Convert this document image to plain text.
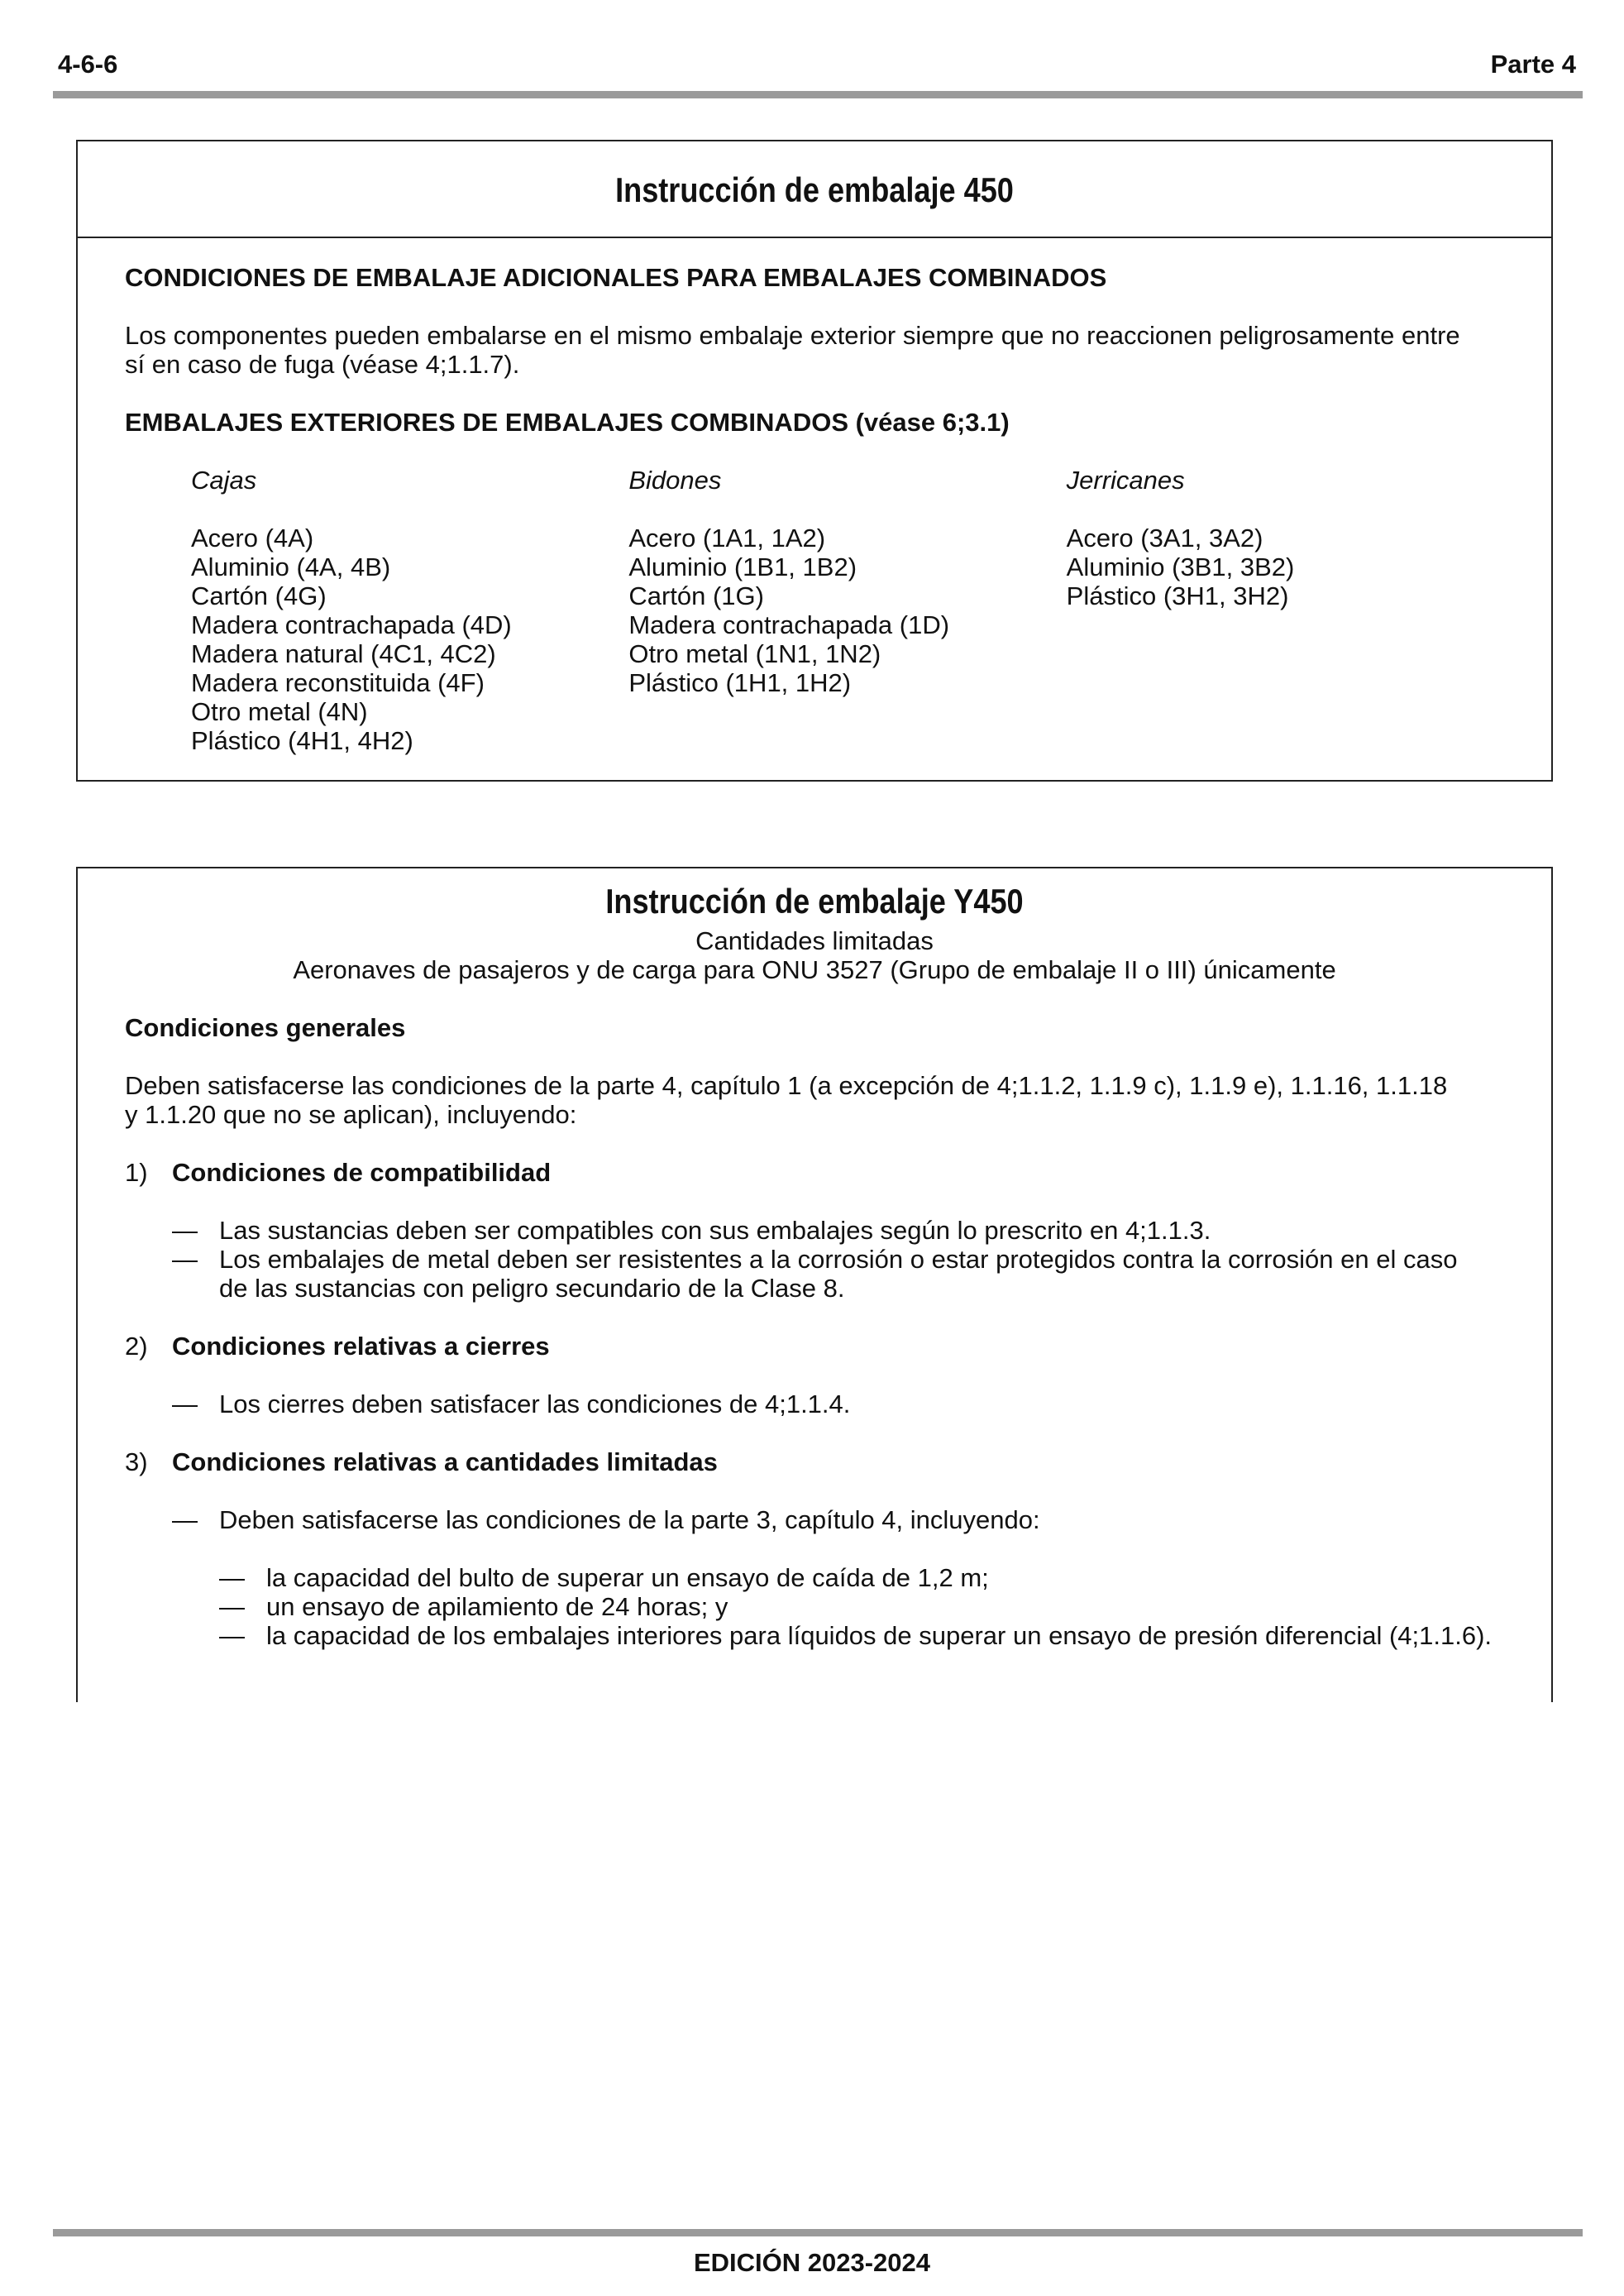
4-6-6	Parte 4
Instrucción de embalaje 450
CONDICIONES DE EMBALAJE ADICIONALES PARA EMBALAJES COMBINADOS
Los componentes pueden embalarse en el mismo embalaje exterior siempre que no reaccionen peligrosamente entre
sí en caso de fuga (véase 4;1.1.7).
EMBALAJES EXTERIORES DE EMBALAJES COMBINADOS (véase 6;3.1)
Cajas
Acero (4A)
Aluminio (4A, 4B)
Cartón (4G)
Madera contrachapada (4D)
Madera natural (4C1, 4C2)
Madera reconstituida (4F)
Otro metal (4N)
Plástico (4H1, 4H2)
Bidones
Acero (1A1, 1A2)
Aluminio (1B1, 1B2)
Cartón (1G)
Madera contrachapada (1D)
Otro metal (1N1, 1N2)
Plástico (1H1, 1H2)
Jerricanes
Acero (3A1, 3A2)
Aluminio (3B1, 3B2)
Plástico (3H1, 3H2)
Instrucción de embalaje Y450
Cantidades limitadas
Aeronaves de pasajeros y de carga para ONU 3527 (Grupo de embalaje II o III) únicamente
Condiciones generales
Deben satisfacerse las condiciones de la parte 4, capítulo 1 (a excepción de 4;1.1.2, 1.1.9 c), 1.1.9 e), 1.1.16, 1.1.18
y 1.1.20 que no se aplican), incluyendo:
1) Condiciones de compatibilidad
— Las sustancias deben ser compatibles con sus embalajes según lo prescrito en 4;1.1.3.
— Los embalajes de metal deben ser resistentes a la corrosión o estar protegidos contra la corrosión en el caso
de las sustancias con peligro secundario de la Clase 8.
2) Condiciones relativas a cierres
— Los cierres deben satisfacer las condiciones de 4;1.1.4.
3) Condiciones relativas a cantidades limitadas
— Deben satisfacerse las condiciones de la parte 3, capítulo 4, incluyendo:
— la capacidad del bulto de superar un ensayo de caída de 1,2 m;
— un ensayo de apilamiento de 24 horas; y
— la capacidad de los embalajes interiores para líquidos de superar un ensayo de presión diferencial (4;1.1.6).
EDICIÓN 2023-2024
